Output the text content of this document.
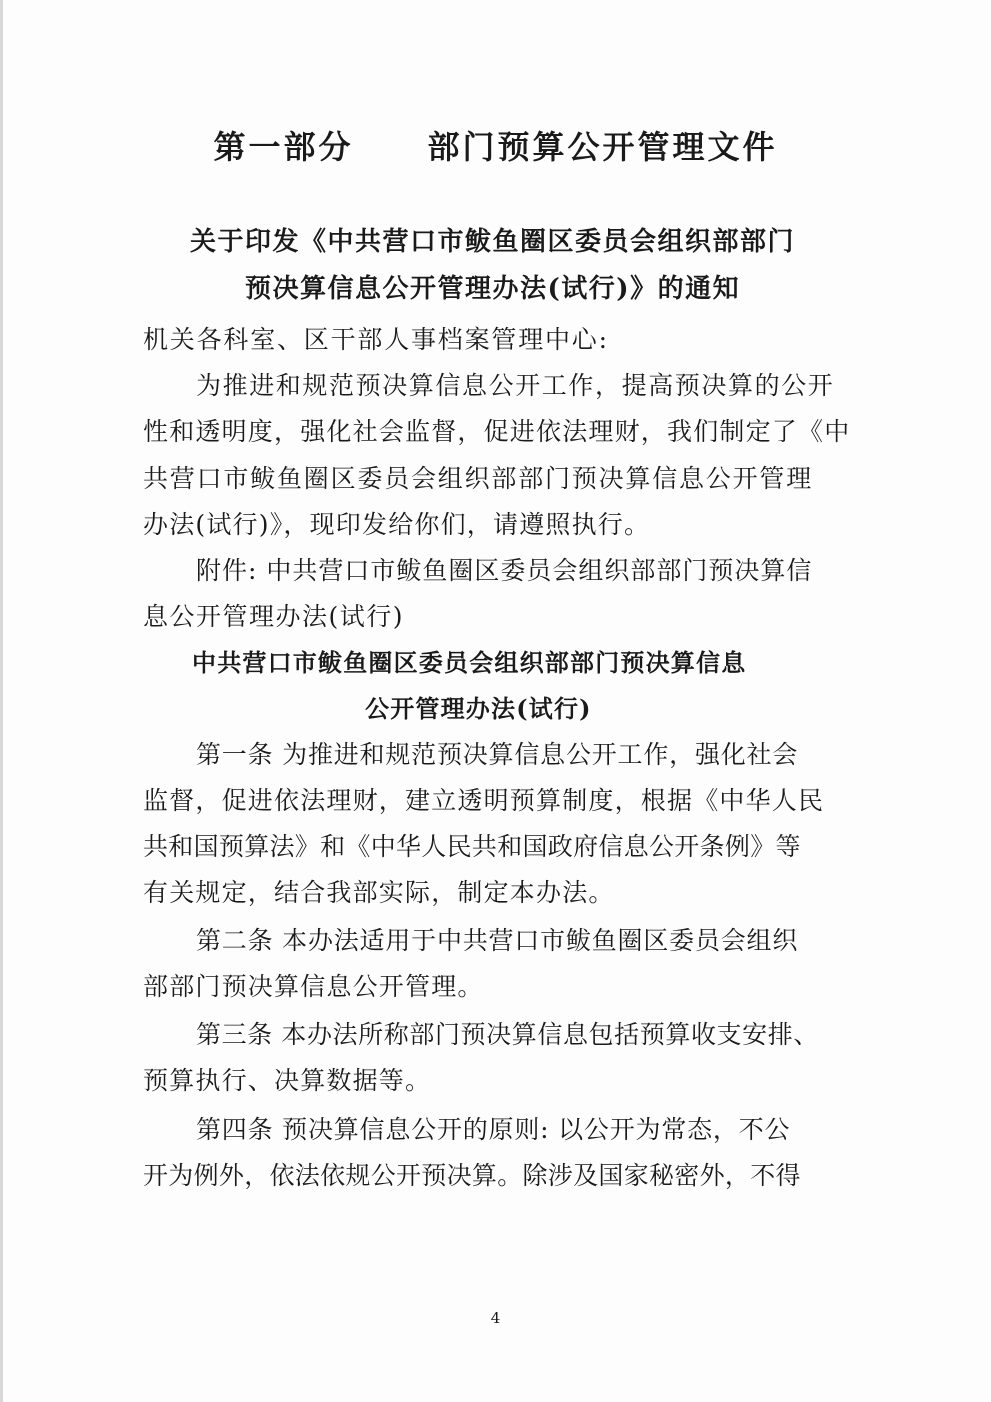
第一部分 部门预算公开管理文件
关于印发《中共营口市鲅鱼圈区委员会组织部部门
预决算信息公开管理办法(试行)》的通知
机关各科室、区干部人事档案管理中心:
为推进和规范预决算信息公开工作，提高预决算的公开
性和透明度，强化社会监督，促进依法理财，我们制定了《中
共营口市鲅鱼圈区委员会组织部部门预决算信息公开管理
办法(试行)》，现印发给你们，请遵照执行。
附件: 中共营口市鲅鱼圈区委员会组织部部门预决算信
息公开管理办法(试行)
中共营口市鲅鱼圈区委员会组织部部门预决算信息
公开管理办法(试行)
第一条 为推进和规范预决算信息公开工作，强化社会
监督，促进依法理财，建立透明预算制度，根据《中华人民
共和国预算法》和《中华人民共和国政府信息公开条例》等
有关规定，结合我部实际，制定本办法。
第二条 本办法适用于中共营口市鲅鱼圈区委员会组织
部部门预决算信息公开管理。
第三条 本办法所称部门预决算信息包括预算收支安排、
预算执行、决算数据等。
第四条 预决算信息公开的原则: 以公开为常态，不公
开为例外，依法依规公开预决算。除涉及国家秘密外，不得
4
